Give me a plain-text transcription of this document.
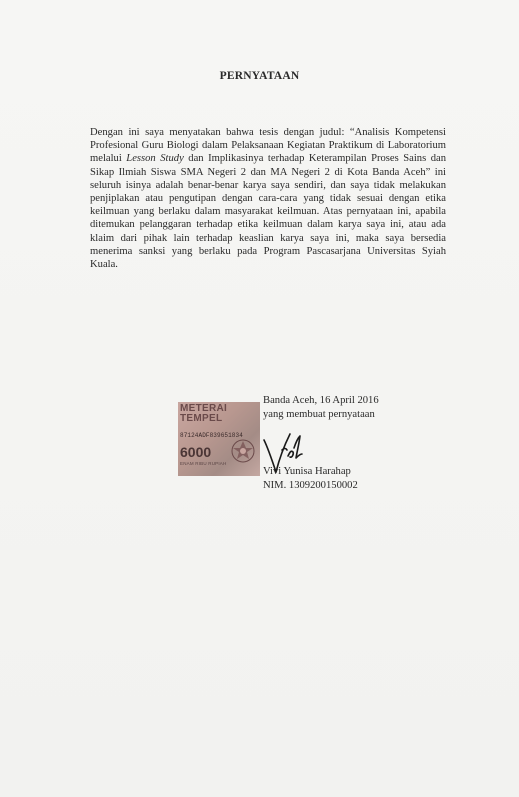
PERNYATAAN
Dengan ini saya menyatakan bahwa tesis dengan judul: “Analisis Kompetensi
Profesional Guru Biologi dalam Pelaksanaan Kegiatan Praktikum di Laboratorium
melalui Lesson Study dan Implikasinya terhadap Keterampilan Proses Sains dan
Sikap Ilmiah Siswa SMA Negeri 2 dan MA Negeri 2 di Kota Banda Aceh” ini
seluruh isinya adalah benar-benar karya saya sendiri, dan saya tidak melakukan
penjiplakan atau pengutipan dengan cara-cara yang tidak sesuai dengan etika
keilmuan yang berlaku dalam masyarakat keilmuan. Atas pernyataan ini, apabila
ditemukan pelanggaran terhadap etika keilmuan dalam karya saya ini, atau ada
klaim dari pihak lain terhadap keaslian karya saya ini, maka saya bersedia
menerima sanksi yang berlaku pada Program Pascasarjana Universitas Syiah
Kuala.
Banda Aceh, 16 April 2016
yang membuat pernyataan
METERAI
TEMPEL
87124ADF839651834
6000
ENAM RIBU RUPIAH
Vivi Yunisa Harahap
NIM. 1309200150002
